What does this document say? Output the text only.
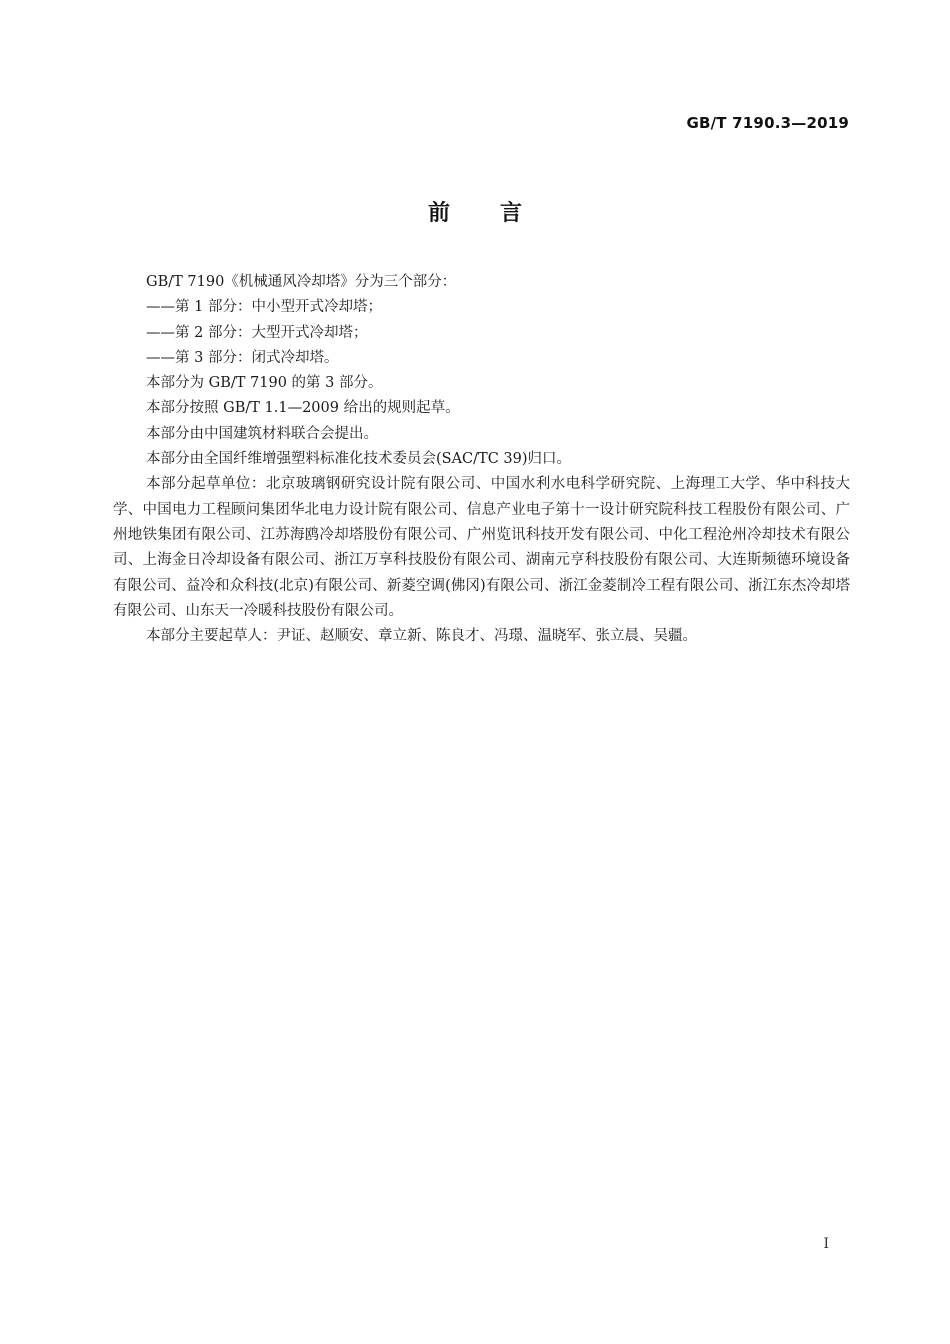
GB/T 7190.3—2019
前言

GB/T 7190《机械通风冷却塔》分为三个部分：

——第 1 部分：中小型开式冷却塔；

——第 2 部分：大型开式冷却塔；

——第 3 部分：闭式冷却塔。

本部分为 GB/T 7190 的第 3 部分。

本部分按照 GB/T 1.1—2009 给出的规则起草。

本部分由中国建筑材料联合会提出。

本部分由全国纤维增强塑料标准化技术委员会(SAC/TC 39)归口。

本部分起草单位：北京玻璃钢研究设计院有限公司、中国水利水电科学研究院、上海理工大学、华中科技大学、中国电力工程顾问集团华北电力设计院有限公司、信息产业电子第十一设计研究院科技工程股份有限公司、广州地铁集团有限公司、江苏海鸥冷却塔股份有限公司、广州览讯科技开发有限公司、中化工程沧州冷却技术有限公司、上海金日冷却设备有限公司、浙江万享科技股份有限公司、湖南元亨科技股份有限公司、大连斯频德环境设备有限公司、益冷和众科技(北京)有限公司、新菱空调(佛冈)有限公司、浙江金菱制冷工程有限公司、浙江东杰冷却塔有限公司、山东天一冷暖科技股份有限公司。

本部分主要起草人：尹证、赵顺安、章立新、陈良才、冯璟、温晓军、张立晨、吴疆。

I
